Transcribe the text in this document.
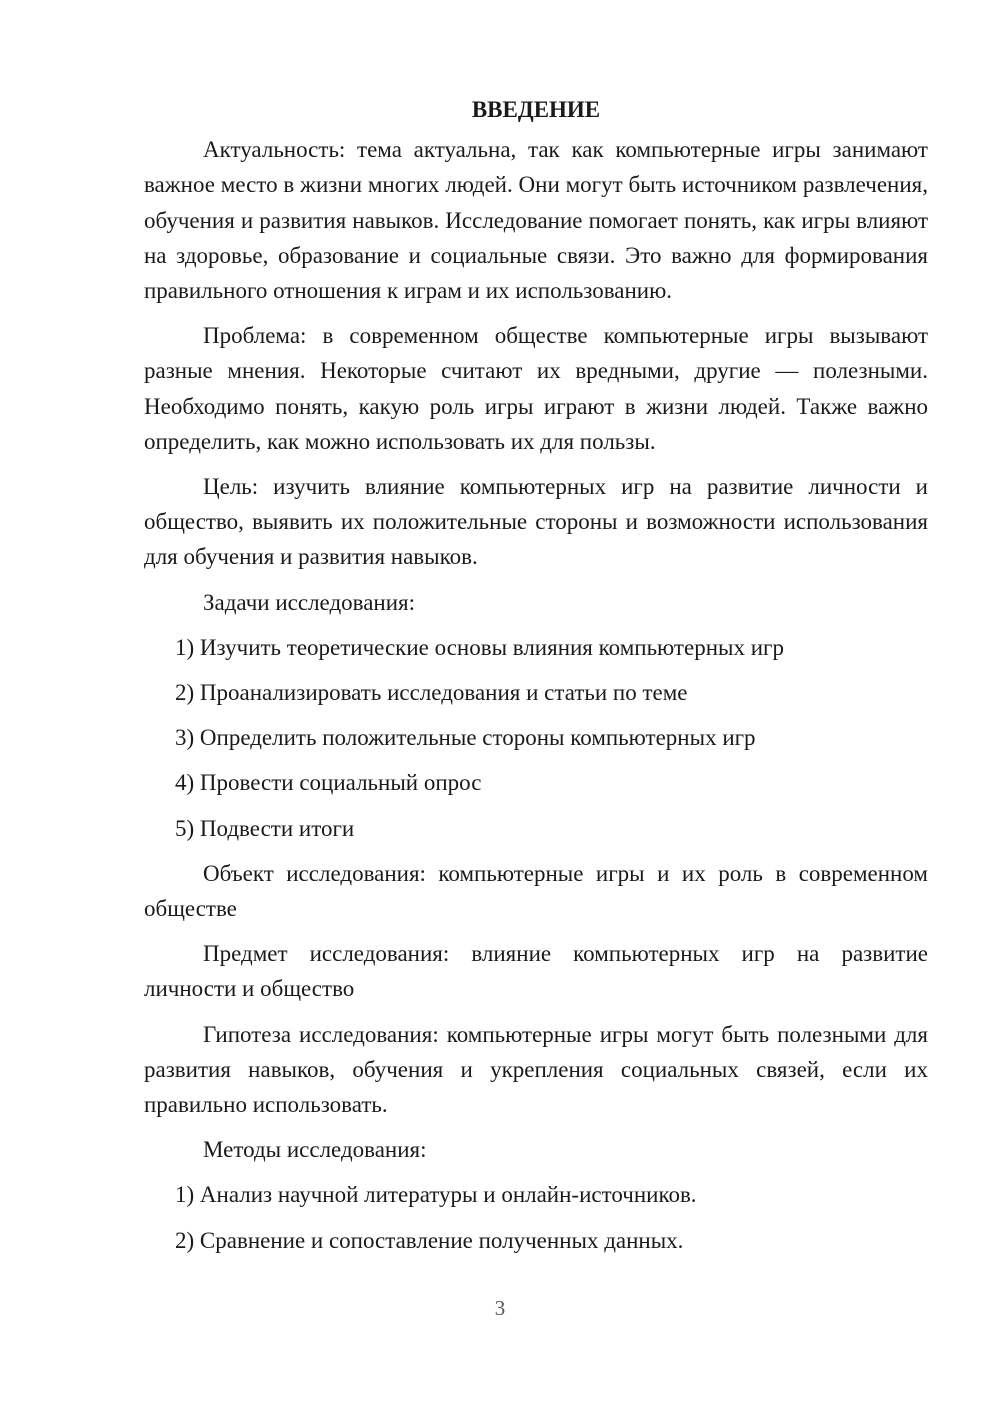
ВВЕДЕНИЕ

Актуальность: тема актуальна, так как компьютерные игры занимают важное место в жизни многих людей. Они могут быть источником развлечения, обучения и развития навыков. Исследование помогает понять, как игры влияют на здоровье, образование и социальные связи. Это важно для формирования правильного отношения к играм и их использованию.

Проблема: в современном обществе компьютерные игры вызывают разные мнения. Некоторые считают их вредными, другие — полезными. Необходимо понять, какую роль игры играют в жизни людей. Также важно определить, как можно использовать их для пользы.

Цель: изучить влияние компьютерных игр на развитие личности и общество, выявить их положительные стороны и возможности использования для обучения и развития навыков.

Задачи исследования:

1) Изучить теоретические основы влияния компьютерных игр
2) Проанализировать исследования и статьи по теме
3) Определить положительные стороны компьютерных игр
4) Провести социальный опрос
5) Подвести итоги

Объект исследования: компьютерные игры и их роль в современном обществе

Предмет исследования: влияние компьютерных игр на развитие личности и общество

Гипотеза исследования: компьютерные игры могут быть полезными для развития навыков, обучения и укрепления социальных связей, если их правильно использовать.

Методы исследования:

1) Анализ научной литературы и онлайн-источников.
2) Сравнение и сопоставление полученных данных.
3
